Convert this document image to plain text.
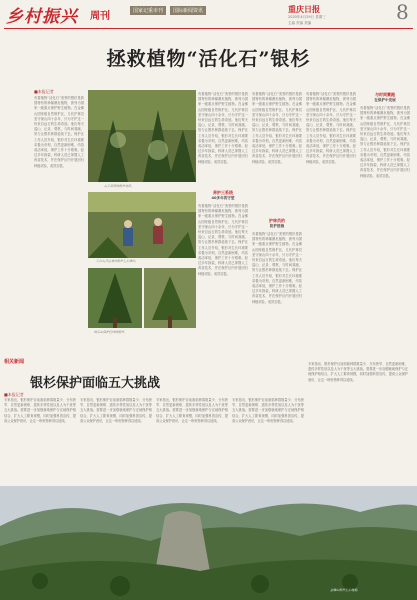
乡村振兴 周刊	国家记重市刊	国际新闻资讯	重庆日报	8
2020年4月29日 星期三
主编 责编 美编
拯救植物“活化石”银杉
■本报记者
有着植物“活化石”美誉的银杉是我国特有的珍稀濒危植物，被列为国家一级重点保护野生植物。在金佛山国家级自然保护区，几代护林员坚守深山四十余年，只为守护这一份来自远古的生命奇迹。他们每天巡山、记录、观察，与时间赛跑，努力让银杉种群延续下去。保护区工作人员介绍，银杉对生长环境要求极为苛刻，自然更新困难，幼苗成活率低，保护工作十分艰难。经过多年探索，科研人员已掌握人工育苗技术，并在保护区内开展回归种植试验，成效初显。
人工培育的银杉幼苗。
工作人员在观察银杉生长情况。
缙云山保护区内的银杉。
养护三系统
40多年的守望
有着植物“活化石”美誉的银杉是我国特有的珍稀濒危植物，被列为国家一级重点保护野生植物。在金佛山国家级自然保护区，几代护林员坚守深山四十余年，只为守护这一份来自远古的生命奇迹。他们每天巡山、记录、观察，与时间赛跑，努力让银杉种群延续下去。保护区工作人员介绍，银杉对生长环境要求极为苛刻，自然更新困难，幼苗成活率低，保护工作十分艰难。经过多年探索，科研人员已掌握人工育苗技术，并在保护区内开展回归种植试验，成效初显。
有着植物“活化石”美誉的银杉是我国特有的珍稀濒危植物，被列为国家一级重点保护野生植物。在金佛山国家级自然保护区，几代护林员坚守深山四十余年，只为守护这一份来自远古的生命奇迹。他们每天巡山、记录、观察，与时间赛跑，努力让银杉种群延续下去。保护区工作人员介绍，银杉对生长环境要求极为苛刻，自然更新困难，幼苗成活率低，保护工作十分艰难。经过多年探索，科研人员已掌握人工育苗技术，并在保护区内开展回归种植试验，成效初显。
有着植物“活化石”美誉的银杉是我国特有的珍稀濒危植物，被列为国家一级重点保护野生植物。在金佛山国家级自然保护区，几代护林员坚守深山四十余年，只为守护这一份来自远古的生命奇迹。他们每天巡山、记录、观察，与时间赛跑，努力让银杉种群延续下去。保护区工作人员介绍，银杉对生长环境要求极为苛刻，自然更新困难，幼苗成活率低，保护工作十分艰难。经过多年探索，科研人员已掌握人工育苗技术，并在保护区内开展回归种植试验，成效初显。
护林员的
防护措施
有着植物“活化石”美誉的银杉是我国特有的珍稀濒危植物，被列为国家一级重点保护野生植物。在金佛山国家级自然保护区，几代护林员坚守深山四十余年，只为守护这一份来自远古的生命奇迹。他们每天巡山、记录、观察，与时间赛跑，努力让银杉种群延续下去。保护区工作人员介绍，银杉对生长环境要求极为苛刻，自然更新困难，幼苗成活率低，保护工作十分艰难。经过多年探索，科研人员已掌握人工育苗技术，并在保护区内开展回归种植试验，成效初显。
有着植物“活化石”美誉的银杉是我国特有的珍稀濒危植物，被列为国家一级重点保护野生植物。在金佛山国家级自然保护区，几代护林员坚守深山四十余年，只为守护这一份来自远古的生命奇迹。他们每天巡山、记录、观察，与时间赛跑，努力让银杉种群延续下去。保护区工作人员介绍，银杉对生长环境要求极为苛刻，自然更新困难，幼苗成活率低，保护工作十分艰难。经过多年探索，科研人员已掌握人工育苗技术，并在保护区内开展回归种植试验，成效初显。
与时间赛跑
在保护中发展
有着植物“活化石”美誉的银杉是我国特有的珍稀濒危植物，被列为国家一级重点保护野生植物。在金佛山国家级自然保护区，几代护林员坚守深山四十余年，只为守护这一份来自远古的生命奇迹。他们每天巡山、记录、观察，与时间赛跑，努力让银杉种群延续下去。保护区工作人员介绍，银杉对生长环境要求极为苛刻，自然更新困难，幼苗成活率低，保护工作十分艰难。经过多年探索，科研人员已掌握人工育苗技术，并在保护区内开展回归种植试验，成效初显。
相关新闻
银杉保护面临五大挑战
■本报记者
专家指出，银杉保护目前面临种群数量少、分布狭窄、自然更新困难、遗传多样性低以及人为干扰等五大挑战。需要进一步加强就地保护与迁地保护相结合，扩大人工繁育规模，同时加强科普宣传，提高公众保护意识，让这一珍贵物种得以延续。
专家指出，银杉保护目前面临种群数量少、分布狭窄、自然更新困难、遗传多样性低以及人为干扰等五大挑战。需要进一步加强就地保护与迁地保护相结合，扩大人工繁育规模，同时加强科普宣传，提高公众保护意识，让这一珍贵物种得以延续。
专家指出，银杉保护目前面临种群数量少、分布狭窄、自然更新困难、遗传多样性低以及人为干扰等五大挑战。需要进一步加强就地保护与迁地保护相结合，扩大人工繁育规模，同时加强科普宣传，提高公众保护意识，让这一珍贵物种得以延续。
专家指出，银杉保护目前面临种群数量少、分布狭窄、自然更新困难、遗传多样性低以及人为干扰等五大挑战。需要进一步加强就地保护与迁地保护相结合，扩大人工繁育规模，同时加强科普宣传，提高公众保护意识，让这一珍贵物种得以延续。
专家指出，银杉保护目前面临种群数量少、分布狭窄、自然更新困难、遗传多样性低以及人为干扰等五大挑战。需要进一步加强就地保护与迁地保护相结合，扩大人工繁育规模，同时加强科普宣传，提高公众保护意识，让这一珍贵物种得以延续。
金佛山银杉生长地貌。
